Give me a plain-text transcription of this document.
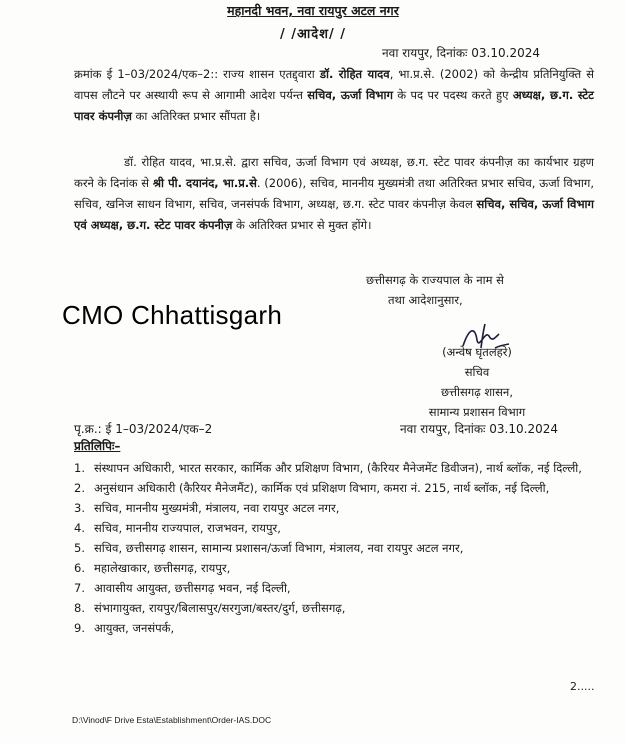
महानदी भवन, नवा रायपुर अटल नगर
/ /आदेश/ /
नवा रायपुर, दिनांकः 03.10.2024
क्रमांक ई 1–03/2024/एक–2:: राज्य शासन एतद्द्वारा डॉ. रोहित यादव, भा.प्र.से. (2002) को केन्द्रीय प्रतिनियुक्ति से वापस लौटने पर अस्थायी रूप से आगामी आदेश पर्यन्त सचिव, ऊर्जा विभाग के पद पर पदस्थ करते हुए अध्यक्ष, छ.ग. स्टेट पावर कंपनीज़ का अतिरिक्त प्रभार सौंपता है।
डॉ. रोहित यादव, भा.प्र.से. द्वारा सचिव, ऊर्जा विभाग एवं अध्यक्ष, छ.ग. स्टेट पावर कंपनीज़ का कार्यभार ग्रहण करने के दिनांक से श्री पी. दयानंद, भा.प्र.से. (2006), सचिव, माननीय मुख्यमंत्री तथा अतिरिक्त प्रभार सचिव, ऊर्जा विभाग, सचिव, खनिज साधन विभाग, सचिव, जनसंपर्क विभाग, अध्यक्ष, छ.ग. स्टेट पावर कंपनीज़ केवल सचिव, सचिव, ऊर्जा विभाग एवं अध्यक्ष, छ.ग. स्टेट पावर कंपनीज़ के अतिरिक्त प्रभार से मुक्त होंगे।
छत्तीसगढ़ के राज्यपाल के नाम से
तथा आदेशानुसार,
CMO Chhattisgarh
(अन्वेष घृतलहरे)
सचिव
छत्तीसगढ़ शासन,
सामान्य प्रशासन विभाग
पृ.क्र.: ई 1–03/2024/एक–2	नवा रायपुर, दिनांकः 03.10.2024
प्रतिलिपिः–
1. संस्थापन अधिकारी, भारत सरकार, कार्मिक और प्रशिक्षण विभाग, (कैरियर मैनेजमेंट डिवीजन), नार्थ ब्लॉक, नई दिल्ली,
2. अनुसंधान अधिकारी (कैरियर मैनेजमैंट), कार्मिक एवं प्रशिक्षण विभाग, कमरा नं. 215, नार्थ ब्लॉक, नई दिल्ली,
3. सचिव, माननीय मुख्यमंत्री, मंत्रालय, नवा रायपुर अटल नगर,
4. सचिव, माननीय राज्यपाल, राजभवन, रायपुर,
5. सचिव, छत्तीसगढ़ शासन, सामान्य प्रशासन/ऊर्जा विभाग, मंत्रालय, नवा रायपुर अटल नगर,
6. महालेखाकार, छत्तीसगढ़, रायपुर,
7. आवासीय आयुक्त, छत्तीसगढ़ भवन, नई दिल्ली,
8. संभागायुक्त, रायपुर/बिलासपुर/सरगुजा/बस्तर/दुर्ग, छत्तीसगढ़,
9. आयुक्त, जनसंपर्क,
2.....
D:\Vinod\F Drive Esta\Establishment\Order-IAS.DOC
